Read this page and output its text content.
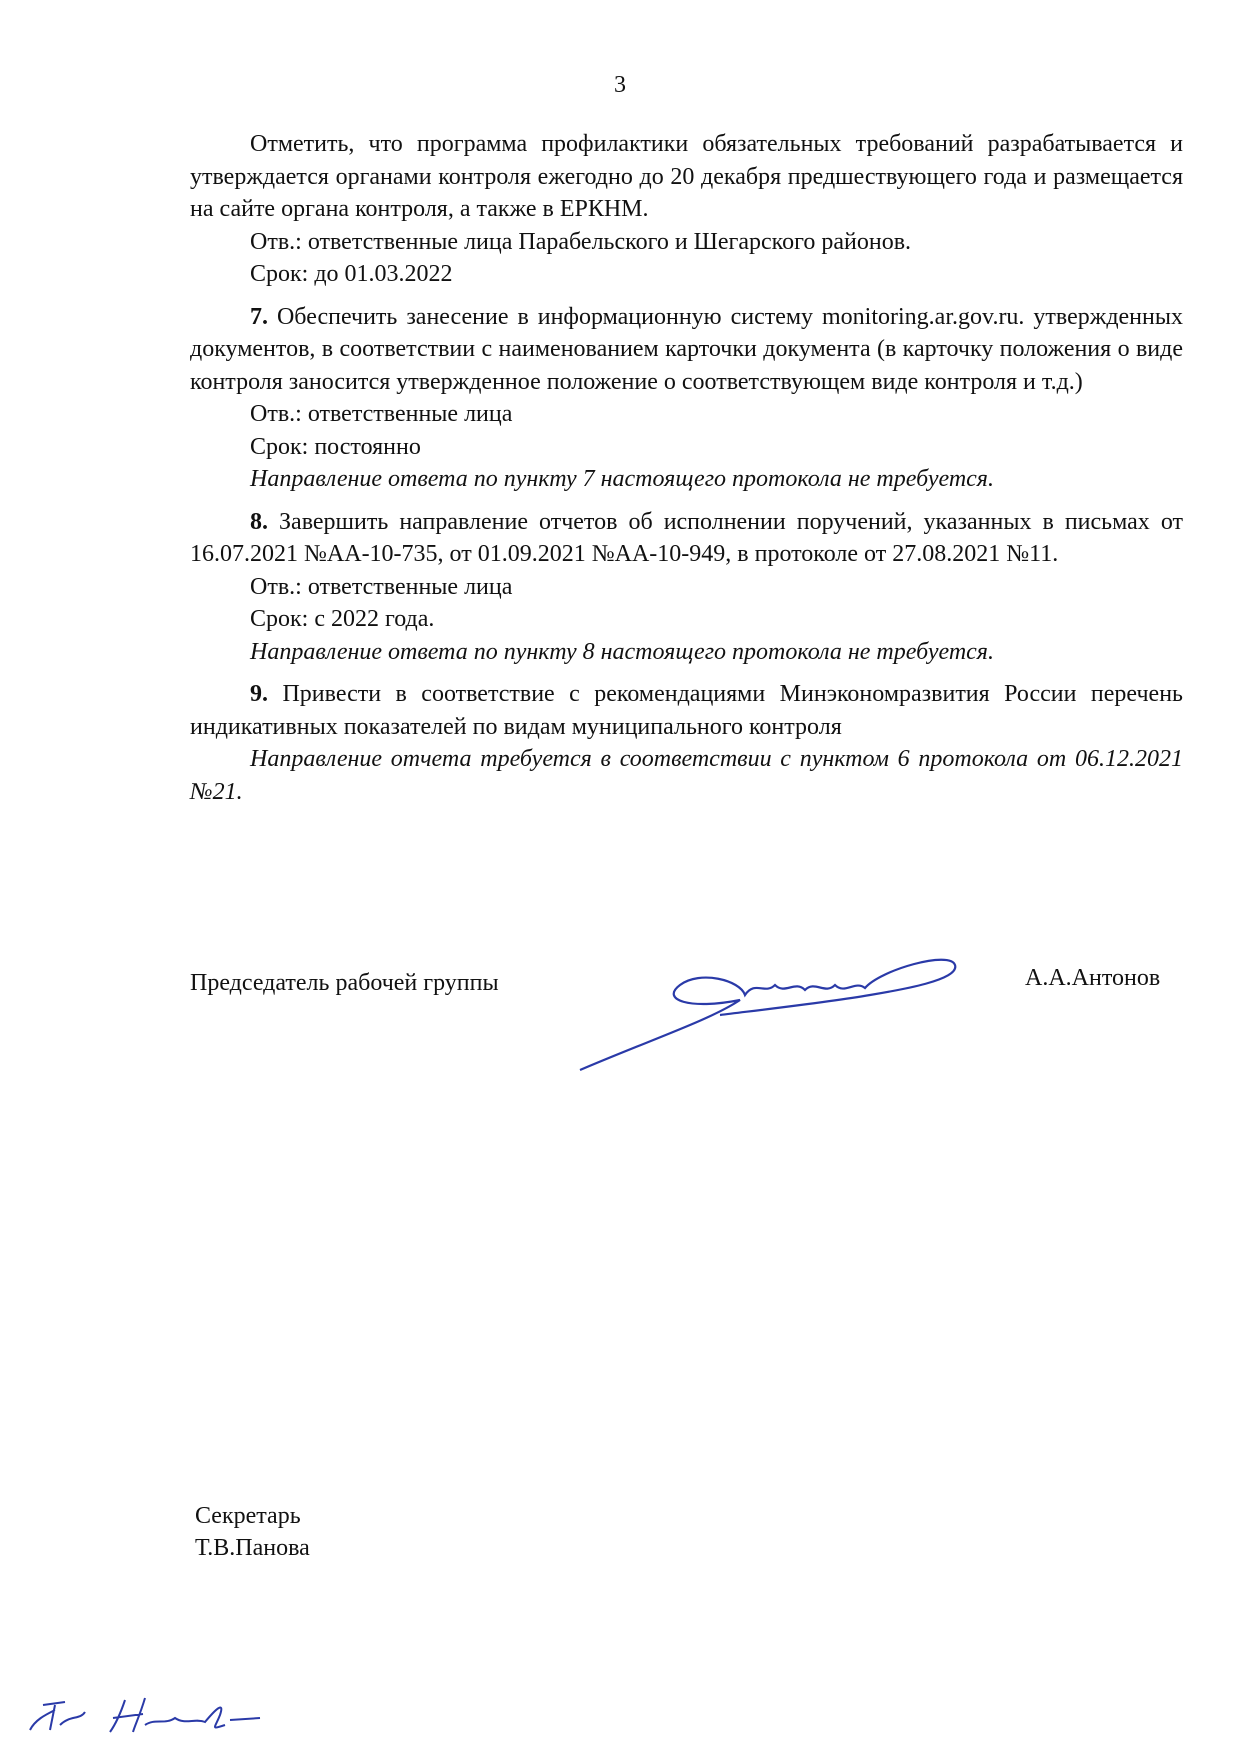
3

Отметить, что программа профилактики обязательных требований разрабатывается и утверждается органами контроля ежегодно до 20 декабря предшествующего года и размещается на сайте органа контроля, а также в ЕРКНМ.

Отв.: ответственные лица Парабельского и Шегарского районов.

Срок: до 01.03.2022

7. Обеспечить занесение в информационную систему monitoring.ar.gov.ru. утвержденных документов, в соответствии с наименованием карточки документа (в карточку положения о виде контроля заносится утвержденное положение о соответствующем виде контроля и т.д.)

Отв.: ответственные лица

Срок: постоянно

Направление ответа по пункту 7 настоящего протокола не требуется.

8. Завершить направление отчетов об исполнении поручений, указанных в письмах от 16.07.2021 №АА-10-735, от 01.09.2021 №АА-10-949, в протоколе от 27.08.2021 №11.

Отв.: ответственные лица

Срок: с 2022 года.

Направление ответа по пункту 8 настоящего протокола не требуется.

9. Привести в соответствие с рекомендациями Минэкономразвития России перечень индикативных показателей по видам муниципального контроля

Направление отчета требуется в соответствии с пунктом 6 протокола от 06.12.2021 №21.

Председатель рабочей группы	А.А.Антонов
Секретарь
Т.В.Панова
